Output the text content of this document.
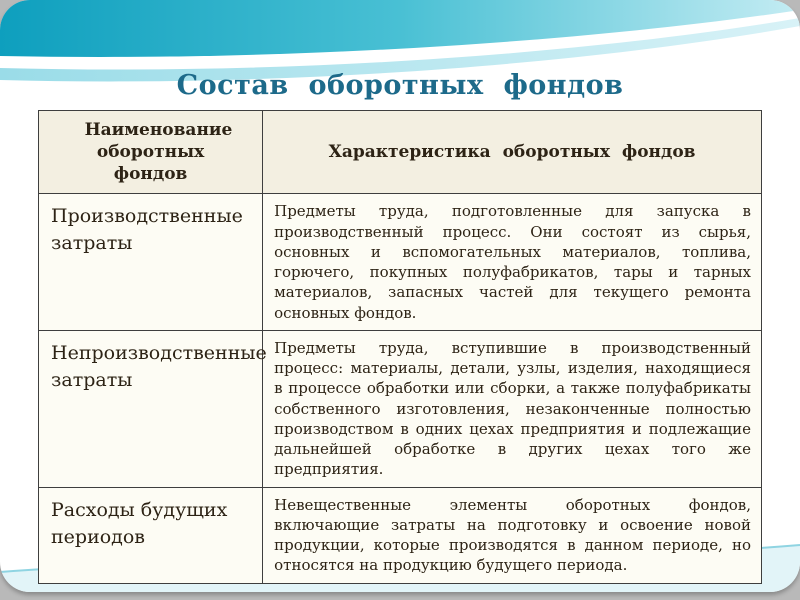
Состав оборотных фондов
Наименование оборотных фондов	Характеристика оборотных фондов
Производственные затраты	Предметы труда, подготовленные для запуска в производственный процесс. Они состоят из сырья, основных и вспомогательных материалов, топлива, горючего, покупных полуфабрикатов, тары и тарных материалов, запасных частей для текущего ремонта основных фондов.
Непроизводственные затраты	Предметы труда, вступившие в производственный процесс: материалы, детали, узлы, изделия, находящиеся в процессе обработки или сборки, а также полуфабрикаты собственного изготовления, незаконченные полностью производством в одних цехах предприятия и подлежащие дальнейшей обработке в других цехах того же предприятия.
Расходы будущих периодов	Невещественные элементы оборотных фондов, включающие затраты на подготовку и освоение новой продукции, которые производятся в данном периоде, но относятся на продукцию будущего периода.
